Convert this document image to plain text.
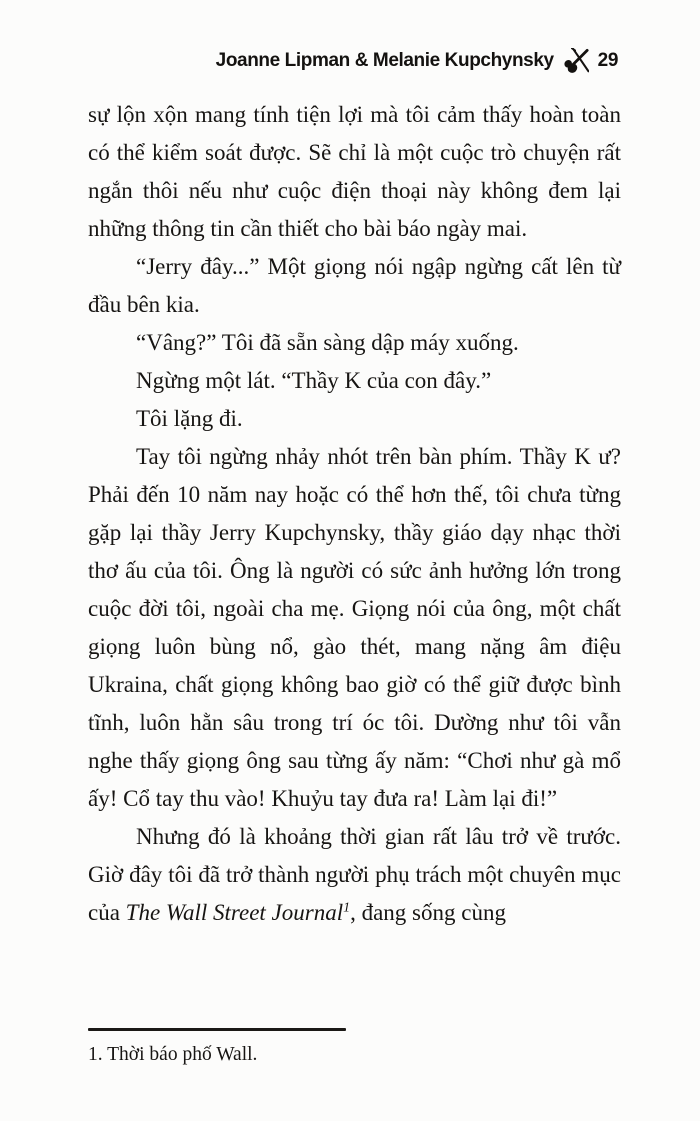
Joanne Lipman & Melanie Kupchynsky 29

sự lộn xộn mang tính tiện lợi mà tôi cảm thấy hoàn toàn có thể kiểm soát được. Sẽ chỉ là một cuộc trò chuyện rất ngắn thôi nếu như cuộc điện thoại này không đem lại những thông tin cần thiết cho bài báo ngày mai.

“Jerry đây...” Một giọng nói ngập ngừng cất lên từ đầu bên kia.

“Vâng?” Tôi đã sẵn sàng dập máy xuống.

Ngừng một lát. “Thầy K của con đây.”

Tôi lặng đi.

Tay tôi ngừng nhảy nhót trên bàn phím. Thầy K ư? Phải đến 10 năm nay hoặc có thể hơn thế, tôi chưa từng gặp lại thầy Jerry Kupchynsky, thầy giáo dạy nhạc thời thơ ấu của tôi. Ông là người có sức ảnh hưởng lớn trong cuộc đời tôi, ngoài cha mẹ. Giọng nói của ông, một chất giọng luôn bùng nổ, gào thét, mang nặng âm điệu Ukraina, chất giọng không bao giờ có thể giữ được bình tĩnh, luôn hằn sâu trong trí óc tôi. Dường như tôi vẫn nghe thấy giọng ông sau từng ấy năm: “Chơi như gà mổ ấy! Cổ tay thu vào! Khuỷu tay đưa ra! Làm lại đi!”

Nhưng đó là khoảng thời gian rất lâu trở về trước. Giờ đây tôi đã trở thành người phụ trách một chuyên mục của The Wall Street Journal$^1$, đang sống cùng

1. Thời báo phố Wall.
